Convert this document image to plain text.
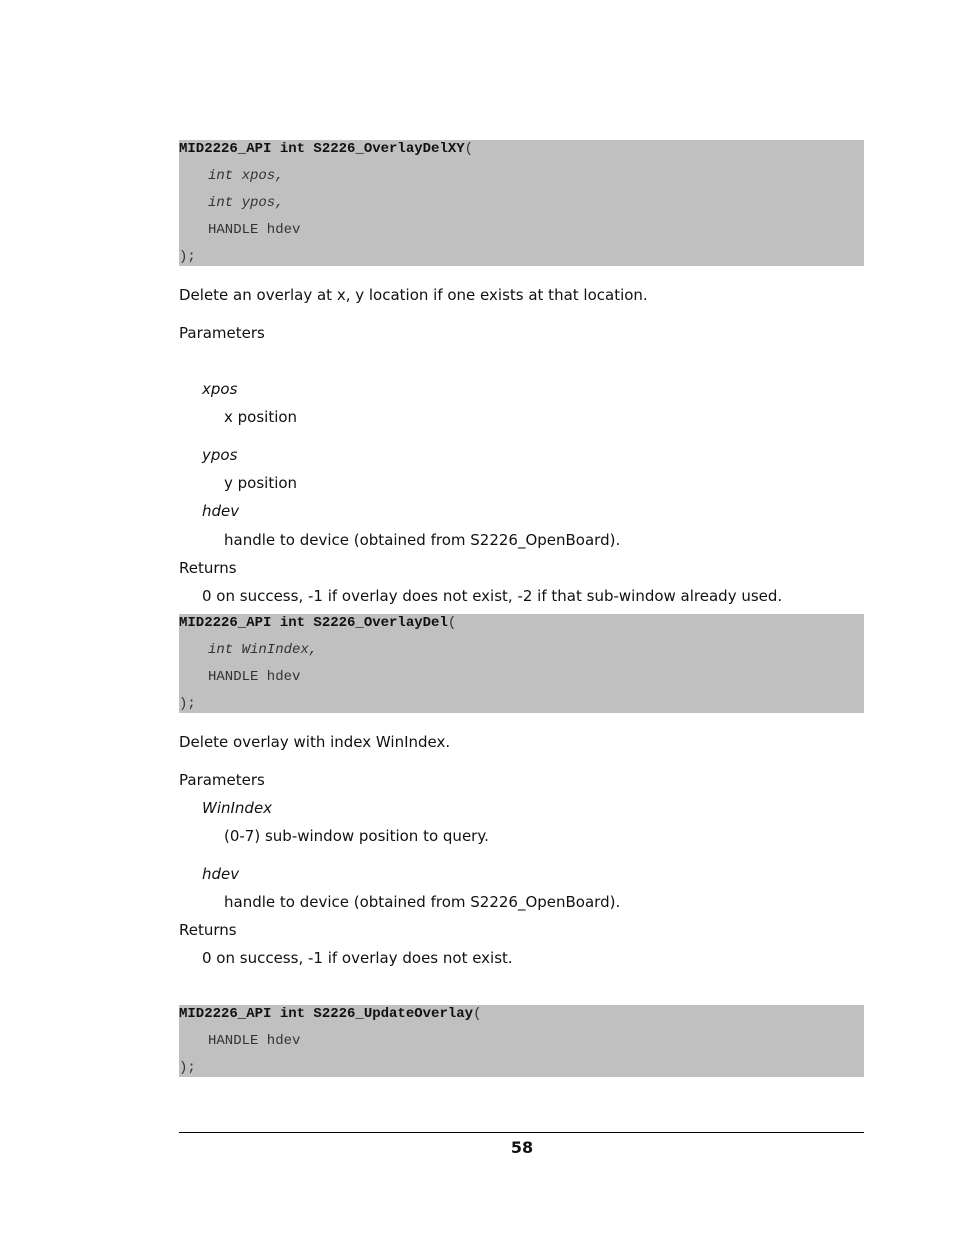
MID2226_API int S2226_OverlayDelXY(
int xpos,
int ypos,
HANDLE hdev
);
Delete an overlay at x, y location if one exists at that location.
Parameters
xpos
x position
ypos
y position
hdev
handle to device (obtained from S2226_OpenBoard).
Returns
0 on success, -1 if overlay does not exist, -2 if that sub-window already used.
MID2226_API int S2226_OverlayDel(
int WinIndex,
HANDLE hdev
);
Delete overlay with index WinIndex.
Parameters
WinIndex
(0-7) sub-window position to query.
hdev
handle to device (obtained from S2226_OpenBoard).
Returns
0 on success, -1 if overlay does not exist.
MID2226_API int S2226_UpdateOverlay(
HANDLE hdev
);
58
